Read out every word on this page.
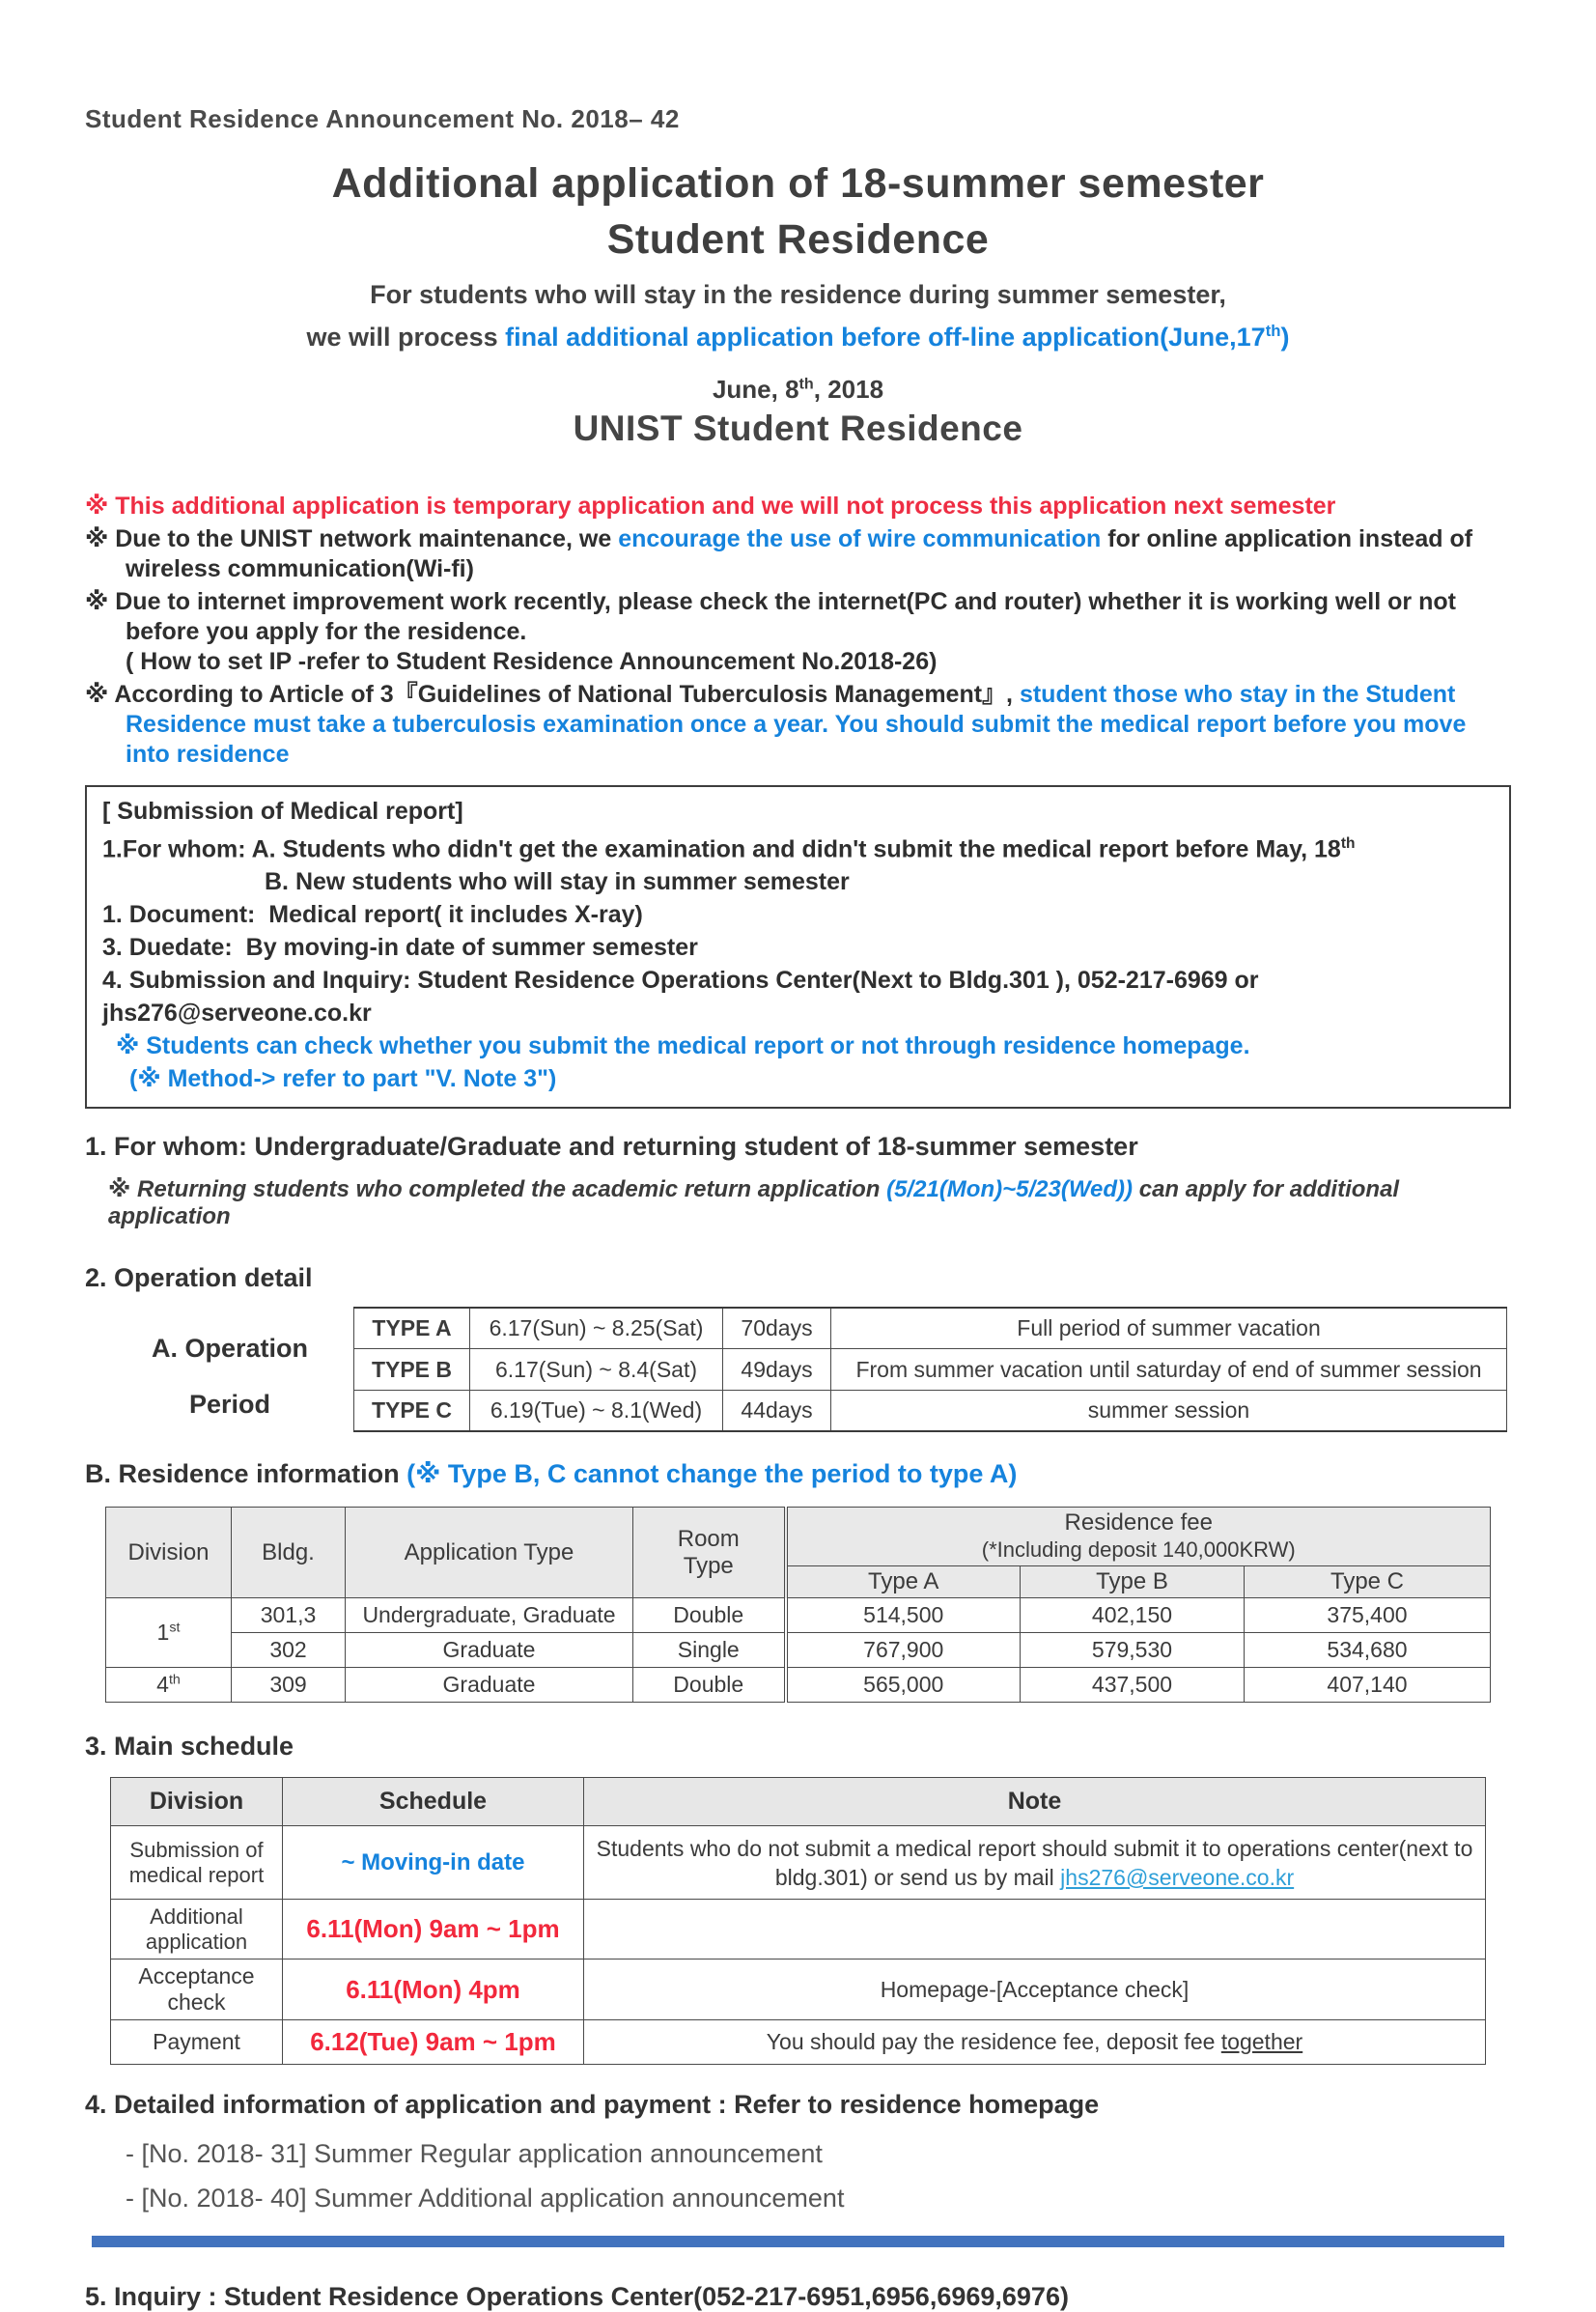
Student Residence Announcement No. 2018– 42
Additional application of 18-summer semester
Student Residence
For students who will stay in the residence during summer semester,
we will process final additional application before off-line application(June,17th)
June, 8th, 2018
UNIST Student Residence
※ This additional application is temporary application and we will not process this application next semester
※ Due to the UNIST network maintenance, we encourage the use of wire communication for online application instead of wireless communication(Wi-fi)
※ Due to internet improvement work recently, please check the internet(PC and router) whether it is working well or not before you apply for the residence.
( How to set IP -refer to Student Residence Announcement No.2018-26)
※ According to Article of 3『Guidelines of National Tuberculosis Management』, student those who stay in the Student Residence must take a tuberculosis examination once a year. You should submit the medical report before you move into residence
[ Submission of Medical report]
1.For whom: A. Students who didn't get the examination and didn't submit the medical report before May, 18th
B. New students who will stay in summer semester
1. Document:  Medical report( it includes X-ray)
3. Duedate:  By moving-in date of summer semester
4. Submission and Inquiry: Student Residence Operations Center(Next to Bldg.301 ), 052-217-6969 or jhs276@serveone.co.kr
※ Students can check whether you submit the medical report or not through residence homepage.
(※ Method-> refer to part "V. Note 3")
1. For whom: Undergraduate/Graduate and returning student of 18-summer semester
※ Returning students who completed the academic return application (5/21(Mon)~5/23(Wed)) can apply for additional application
2. Operation detail
A. Operation
Period
TYPE A	6.17(Sun) ~ 8.25(Sat)	70days	Full period of summer vacation
TYPE B	6.17(Sun) ~ 8.4(Sat)	49days	From summer vacation until saturday of end of summer session
TYPE C	6.19(Tue) ~ 8.1(Wed)	44days	summer session
B. Residence information (※ Type B, C cannot change the period to type A)
Division	Bldg.	Application Type	Room
Type	Residence fee
(*Including deposit 140,000KRW)		
				Type A	Type B	Type C
1st	301,3	Undergraduate, Graduate	Double	514,500	402,150	375,400
	302	Graduate	Single	767,900	579,530	534,680
4th	309	Graduate	Double	565,000	437,500	407,140
3. Main schedule
Division	Schedule	Note
Submission of
medical report	~ Moving-in date	Students who do not submit a medical report should submit it to operations center(next to bldg.301) or send us by mail jhs276@serveone.co.kr
Additional
application	6.11(Mon) 9am ~ 1pm	
Acceptance check	6.11(Mon) 4pm	Homepage-[Acceptance check]
Payment	6.12(Tue) 9am ~ 1pm	You should pay the residence fee, deposit fee together
4. Detailed information of application and payment : Refer to residence homepage
- [No. 2018- 31] Summer Regular application announcement
- [No. 2018- 40] Summer Additional application announcement
5. Inquiry : Student Residence Operations Center(052-217-6951,6956,6969,6976)
